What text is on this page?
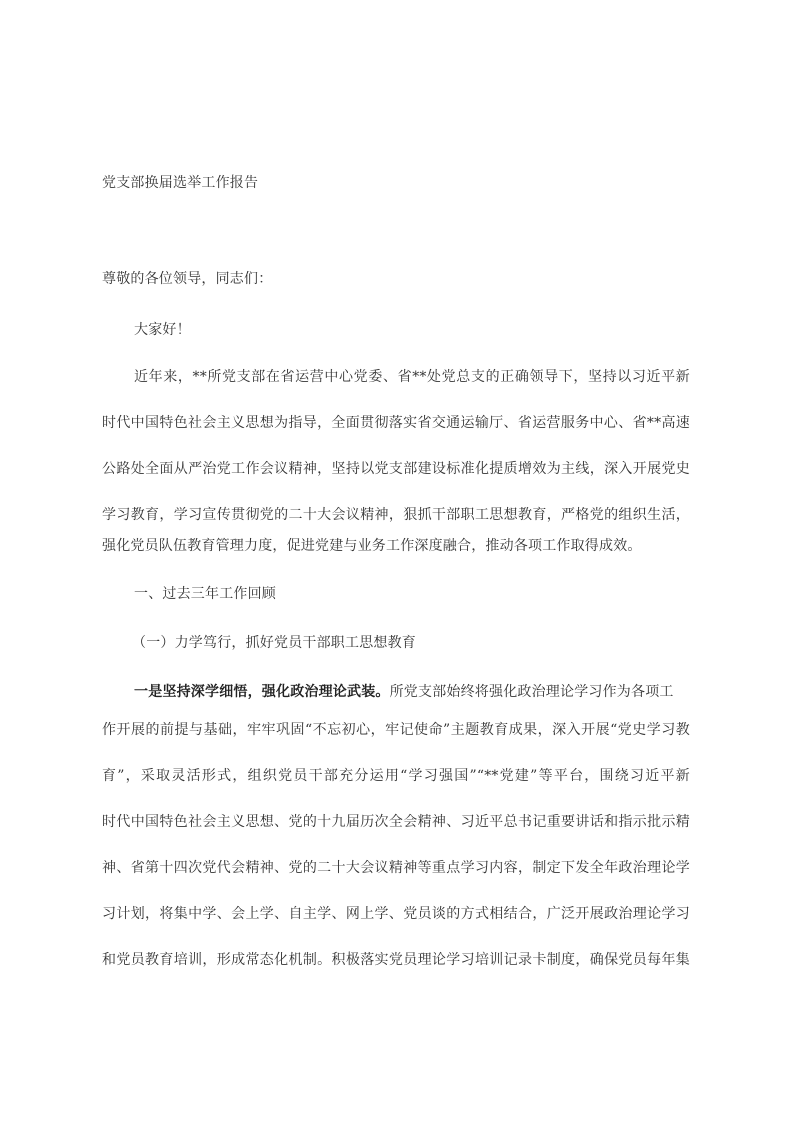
党支部换届选举工作报告
尊敬的各位领导，同志们：
大家好！
近年来，**所党支部在省运营中心党委、省**处党总支的正确领导下，坚持以习近平新
时代中国特色社会主义思想为指导，全面贯彻落实省交通运输厅、省运营服务中心、省**高速
公路处全面从严治党工作会议精神，坚持以党支部建设标准化提质增效为主线，深入开展党史
学习教育，学习宣传贯彻党的二十大会议精神，狠抓干部职工思想教育，严格党的组织生活，
强化党员队伍教育管理力度，促进党建与业务工作深度融合，推动各项工作取得成效。
一、过去三年工作回顾
（一）力学笃行，抓好党员干部职工思想教育
一是坚持深学细悟，强化政治理论武装。所党支部始终将强化政治理论学习作为各项工
作开展的前提与基础，牢牢巩固“不忘初心，牢记使命”主题教育成果，深入开展“党史学习教
育”，采取灵活形式，组织党员干部充分运用“学习强国”“**党建”等平台，围绕习近平新
时代中国特色社会主义思想、党的十九届历次全会精神、习近平总书记重要讲话和指示批示精
神、省第十四次党代会精神、党的二十大会议精神等重点学习内容，制定下发全年政治理论学
习计划，将集中学、会上学、自主学、网上学、党员谈的方式相结合，广泛开展政治理论学习
和党员教育培训，形成常态化机制。积极落实党员理论学习培训记录卡制度，确保党员每年集
